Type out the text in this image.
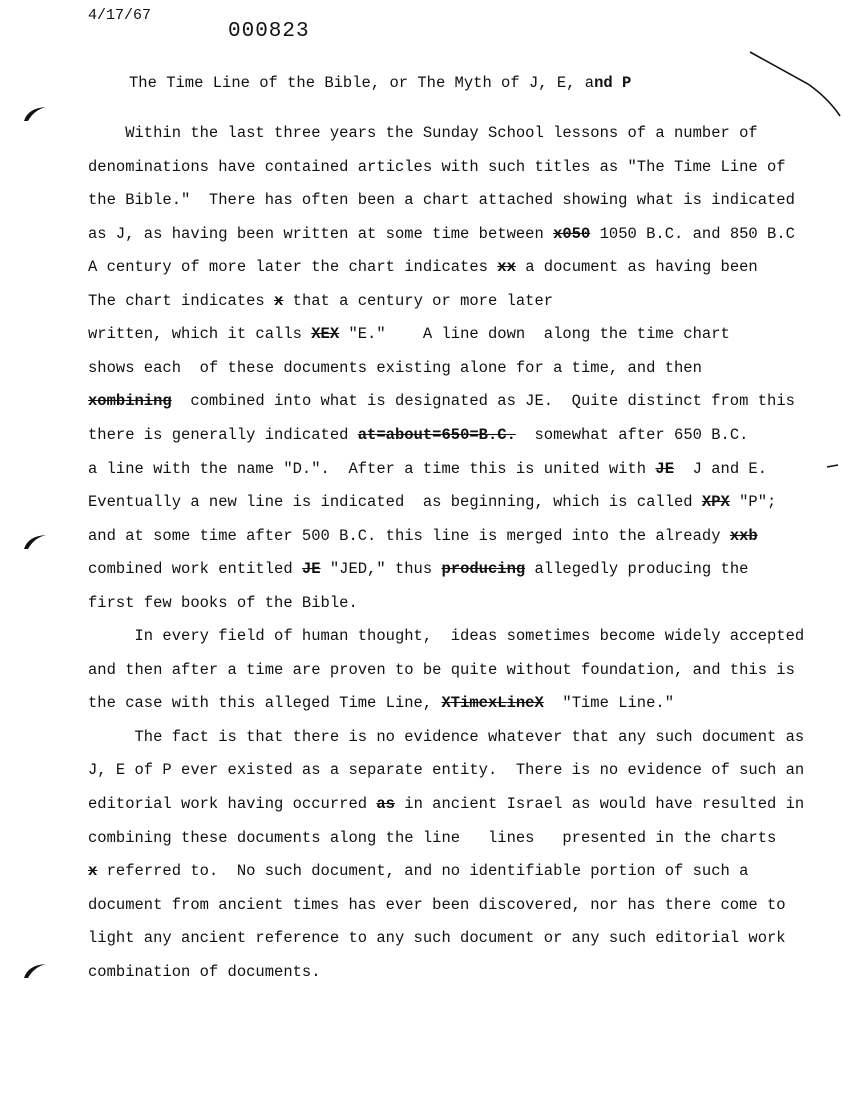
4/17/67
000823
The Time Line of the Bible, or The Myth of J, E, and P
Within the last three years the Sunday School lessons of a number of
denominations have contained articles with such titles as "The Time Line of
the Bible."  There has often been a chart attached showing what is indicated
as J, as having been written at some time between x050 1050 B.C. and 850 B.C
A century of more later the chart indicates xx a document as having been
The chart indicates x that a century or more later
written, which it calls XEX "E."    A line down  along the time chart
shows each  of these documents existing alone for a time, and then
xombining  combined into what is designated as JE.  Quite distinct from this
there is generally indicated at=about=650=B.C.  somewhat after 650 B.C.
a line with the name "D.".  After a time this is united with JE  J and E.
Eventually a new line is indicated  as beginning, which is called XPX "P";
and at some time after 500 B.C. this line is merged into the already xxb
combined work entitled JE "JED," thus producing allegedly producing the
first few books of the Bible.
In every field of human thought,  ideas sometimes become widely accepted
and then after a time are proven to be quite without foundation, and this is
the case with this alleged Time Line, XTimexLineX  "Time Line."
The fact is that there is no evidence whatever that any such document as
J, E of P ever existed as a separate entity.  There is no evidence of such an
editorial work having occurred as in ancient Israel as would have resulted in
combining these documents along the line   lines   presented in the charts
x referred to.  No such document, and no identifiable portion of such a
document from ancient times has ever been discovered, nor has there come to
light any ancient reference to any such document or any such editorial work
combination of documents.
